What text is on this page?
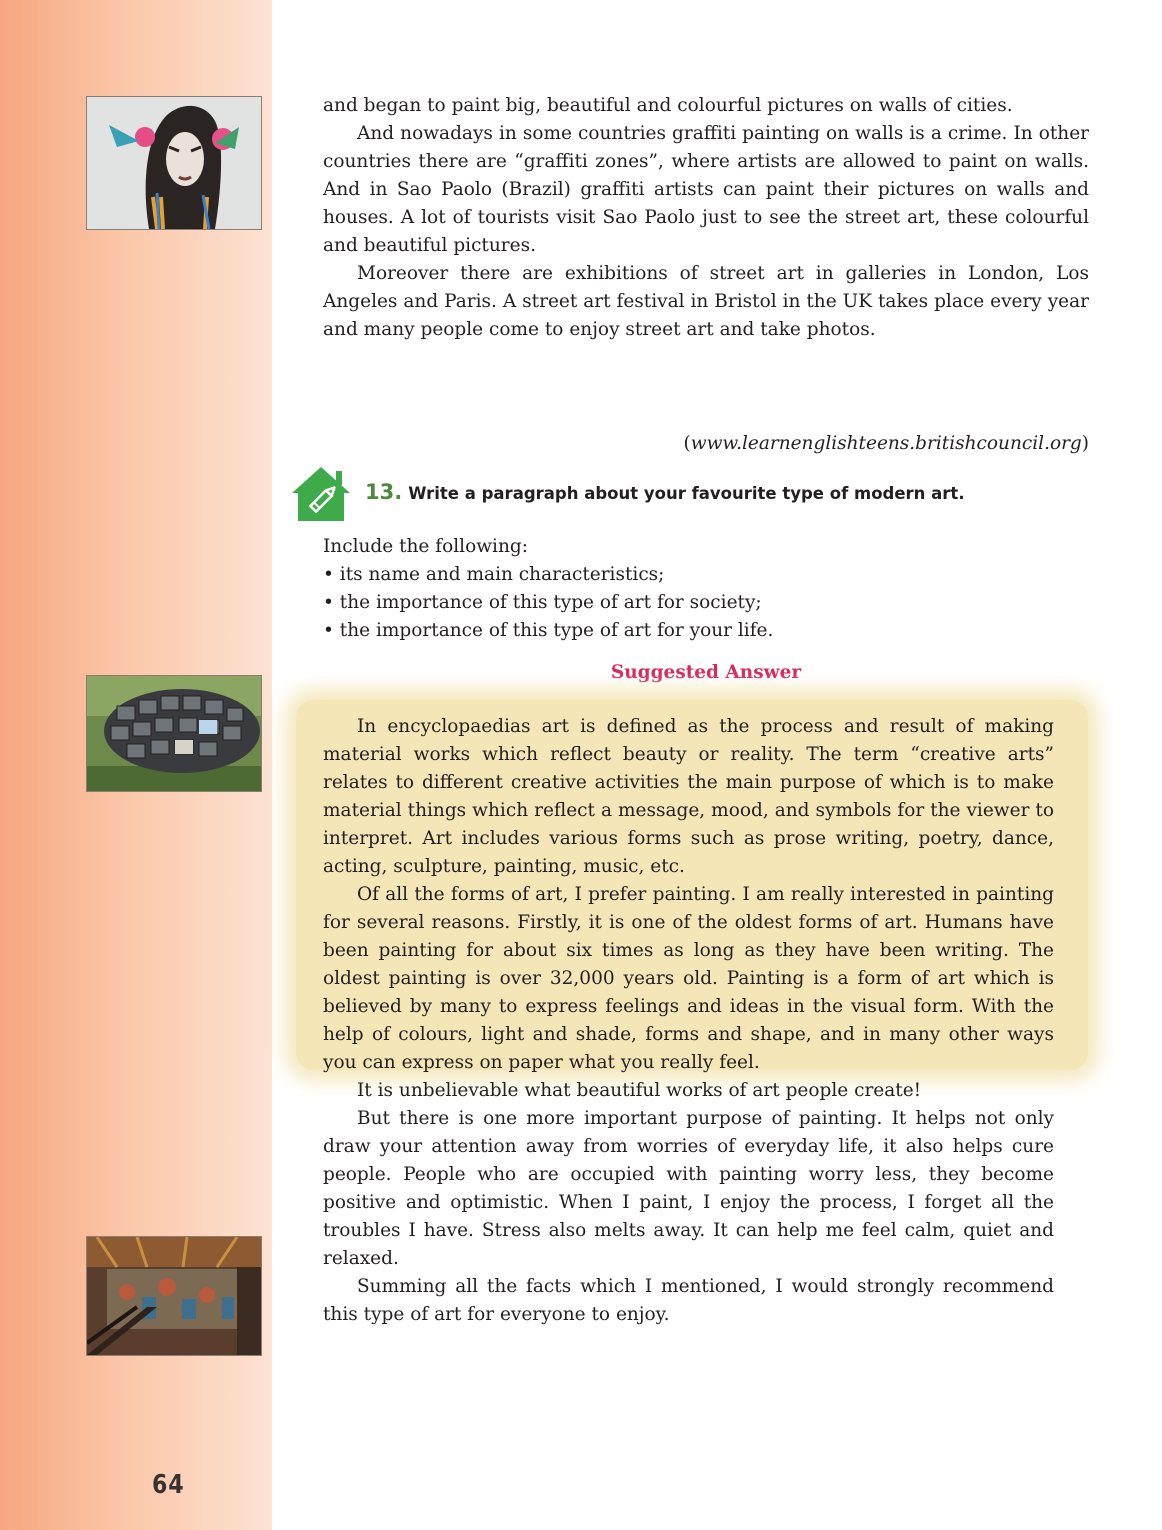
64

and began to paint big, beautiful and colourful pictures on walls of cities.

And nowadays in some countries graffiti painting on walls is a crime. In other countries there are “graffiti zones”, where artists are allowed to paint on walls. And in Sao Paolo (Brazil) graffiti artists can paint their pictures on walls and houses. A lot of tourists visit Sao Paolo just to see the street art, these colourful and beautiful pictures.

Moreover there are exhibitions of street art in galleries in London, Los Angeles and Paris. A street art festival in Bristol in the UK takes place every year and many people come to enjoy street art and take photos.

(www.learnenglishteens.britishcouncil.org)
13. Write a paragraph about your favourite type of modern art.

Include the following:

• its name and main characteristics;

• the importance of this type of art for society;

• the importance of this type of art for your life.

Suggested Answer

In encyclopaedias art is defined as the process and result of making material works which reflect beauty or reality. The term “creative arts” relates to different creative activities the main purpose of which is to make material things which reflect a message, mood, and symbols for the viewer to interpret. Art includes various forms such as prose writing, poetry, dance, acting, sculpture, painting, music, etc.

Of all the forms of art, I prefer painting. I am really interested in painting for several reasons. Firstly, it is one of the oldest forms of art. Humans have been painting for about six times as long as they have been writing. The oldest painting is over 32,000 years old. Painting is a form of art which is believed by many to express feelings and ideas in the visual form. With the help of colours, light and shade, forms and shape, and in many other ways you can express on paper what you really feel.

It is unbelievable what beautiful works of art people create!

But there is one more important purpose of painting. It helps not only draw your attention away from worries of everyday life, it also helps cure people. People who are occupied with painting worry less, they become positive and optimistic. When I paint, I enjoy the process, I forget all the troubles I have. Stress also melts away. It can help me feel calm, quiet and relaxed.

Summing all the facts which I mentioned, I would strongly recommend this type of art for everyone to enjoy.
